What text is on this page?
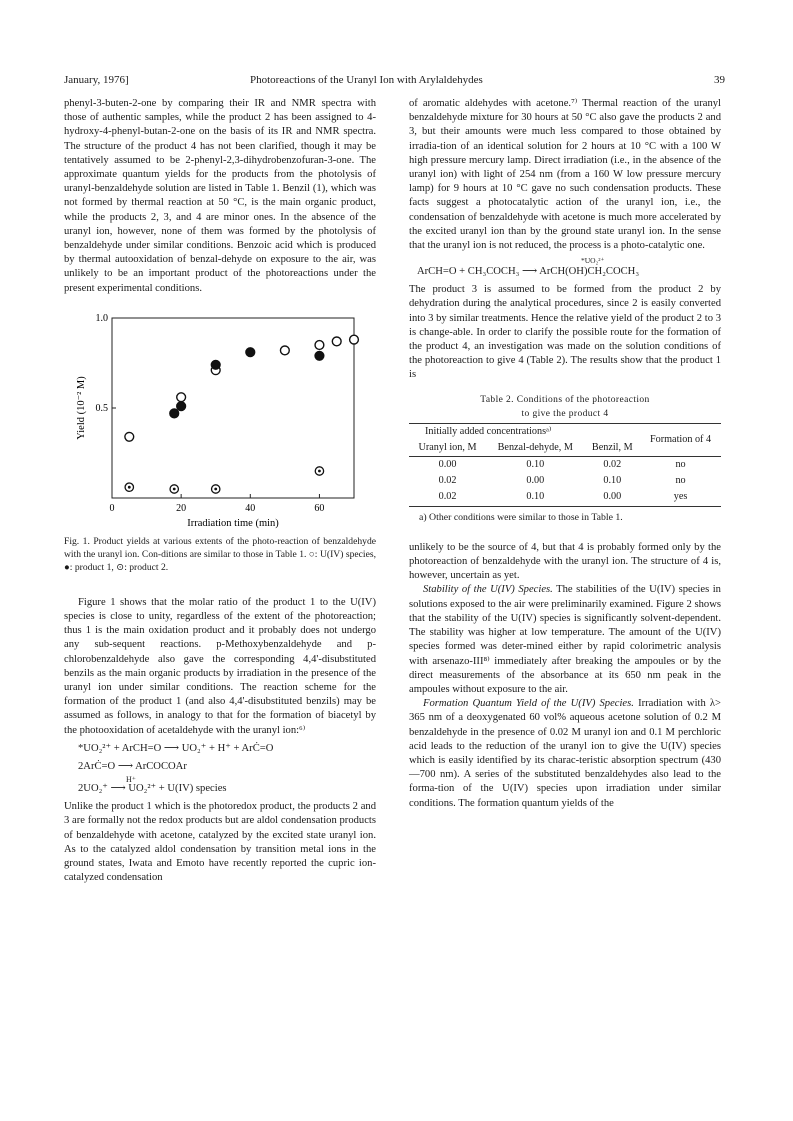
January, 1976]	Photoreactions of the Uranyl Ion with Arylaldehydes	39

phenyl-3-buten-2-one by comparing their IR and NMR spectra with those of authentic samples, while the product 2 has been assigned to 4-hydroxy-4-phenyl-butan-2-one on the basis of its IR and NMR spectra. The structure of the product 4 has not been clarified, though it may be tentatively assumed to be 2-phenyl-2,3-dihydrobenzofuran-3-one. The approximate quantum yields for the products from the photolysis of uranyl-benzaldehyde solution are listed in Table 1. Benzil (1), which was not formed by thermal reaction at 50 °C, is the main organic product, while the products 2, 3, and 4 are minor ones. In the absence of the uranyl ion, however, none of them was formed by the photolysis of benzaldehyde under similar conditions. Benzoic acid which is produced by thermal autooxidation of benzal-dehyde on exposure to the air, was unlikely to be an important product of the photoreactions under the present experimental conditions.

0	20	40	60
0.5
1.0
Irradiation time (min)
Yield (10⁻² M)

Fig. 1. Product yields at various extents of the photo-reaction of benzaldehyde with the uranyl ion. Con-ditions are similar to those in Table 1. ○: U(IV) species, ●: product 1, ⊙: product 2.

Figure 1 shows that the molar ratio of the product 1 to the U(IV) species is close to unity, regardless of the extent of the photoreaction; thus 1 is the main oxidation product and it probably does not undergo any sub-sequent reactions. p-Methoxybenzaldehyde and p-chlorobenzaldehyde also gave the corresponding 4,4'-disubstituted benzils as the main organic products by irradiation in the presence of the uranyl ion under similar conditions. The reaction scheme for the formation of the product 1 (and also 4,4'-disubstituted benzils) may be assumed as follows, in analogy to that for the formation of biacetyl by the photooxidation of acetaldehyde with the uranyl ion:⁶⁾

*UO₂²⁺ + ArCH=O ⟶ UO₂⁺ + H⁺ + ArĊ=O
2ArĊ=O ⟶ ArCOCOAr
H⁺
2UO₂⁺ ⟶ UO₂²⁺ + U(IV) species

Unlike the product 1 which is the photoredox product, the products 2 and 3 are formally not the redox products but are aldol condensation products of benzaldehyde with acetone, catalyzed by the excited state uranyl ion. As to the catalyzed aldol condensation by transition metal ions in the ground states, Iwata and Emoto have recently reported the cupric ion-catalyzed condensation

of aromatic aldehydes with acetone.⁷⁾ Thermal reaction of the uranyl benzaldehyde mixture for 30 hours at 50 °C also gave the products 2 and 3, but their amounts were much less compared to those obtained by irradia-tion of an identical solution for 2 hours at 10 °C with a 100 W high pressure mercury lamp. Direct irradiation (i.e., in the absence of the uranyl ion) with light of 254 nm (from a 160 W low pressure mercury lamp) for 9 hours at 10 °C gave no such condensation products. These facts suggest a photocatalytic action of the uranyl ion, i.e., the condensation of benzaldehyde with acetone is much more accelerated by the excited uranyl ion than by the ground state uranyl ion. In the sense that the uranyl ion is not reduced, the process is a photo-catalytic one.

*UO₂²⁺
ArCH=O + CH₃COCH₃ ⟶ ArCH(OH)CH₂COCH₃

The product 3 is assumed to be formed from the product 2 by dehydration during the analytical procedures, since 2 is easily converted into 3 by similar treatments. Hence the relative yield of the product 2 to 3 is change-able. In order to clarify the possible route for the formation of the product 4, an investigation was made on the solution conditions of the photoreaction to give 4 (Table 2). The results show that the product 1 is

Table 2. Conditions of the photoreaction
to give the product 4
Initially added concentrationsᵃ⁾			Formation of 4
Uranyl ion, M	Benzal-dehyde, M	Benzil, M	
0.00	0.10	0.02	no
0.02	0.00	0.10	no
0.02	0.10	0.00	yes
a) Other conditions were similar to those in Table 1.

unlikely to be the source of 4, but that 4 is probably formed only by the photoreaction of benzaldehyde with the uranyl ion. The structure of 4 is, however, uncertain as yet.

Stability of the U(IV) Species. The stabilities of the U(IV) species in solutions exposed to the air were preliminarily examined. Figure 2 shows that the stability of the U(IV) species is significantly solvent-dependent. The stability was higher at low temperature. The amount of the U(IV) species formed was deter-mined either by rapid colorimetric analysis with arsenazo-III⁸⁾ immediately after breaking the ampoules or by the direct measurements of the absorbance at its 650 nm peak in the ampoules without exposure to the air.

Formation Quantum Yield of the U(IV) Species. Irradiation with λ> 365 nm of a deoxygenated 60 vol% aqueous acetone solution of 0.2 M benzaldehyde in the presence of 0.02 M uranyl ion and 0.1 M perchloric acid leads to the reduction of the uranyl ion to give the U(IV) species which is easily identified by its charac-teristic absorption spectrum (430—700 nm). A series of the substituted benzaldehydes also lead to the forma-tion of the U(IV) species upon irradiation under similar conditions. The formation quantum yields of the
